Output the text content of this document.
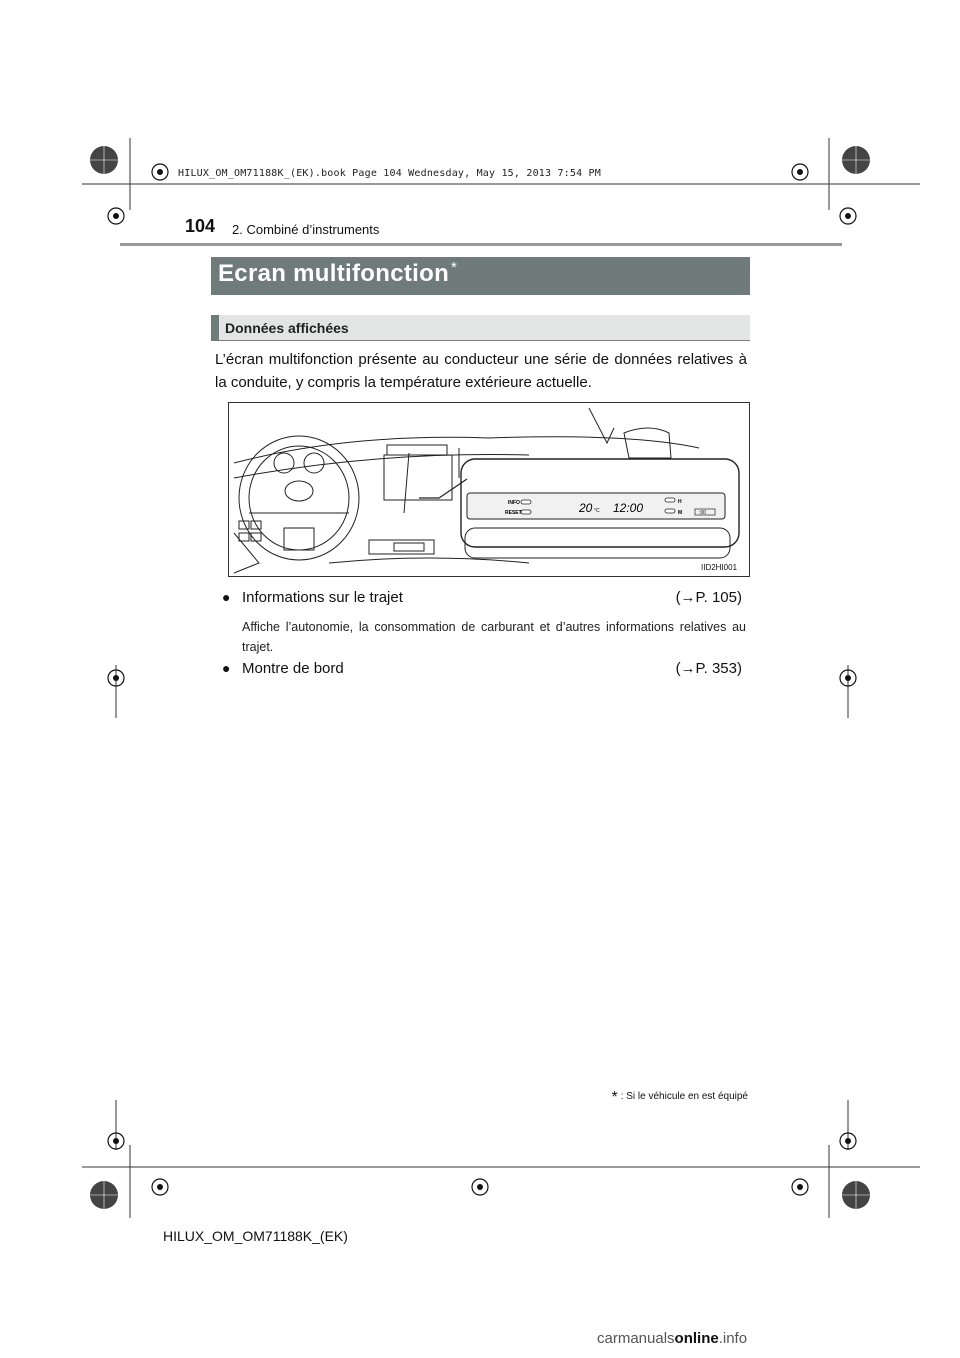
HILUX_OM_OM71188K_(EK).book Page 104 Wednesday, May 15, 2013 7:54 PM
104 2. Combiné d’instruments
Ecran multifonction *
Données affichées
L’écran multifonction présente au conducteur une série de données relatives à la conduite, y compris la température extérieure actuelle.
INFO
RESET	20 °C 12:00	H
M	:00
IID2HI001
● Informations sur le trajet	(→P. 105)
Affiche l’autonomie, la consommation de carburant et d’autres informations relatives au trajet.
● Montre de bord	(→P. 353)
* : Si le véhicule en est équipé
HILUX_OM_OM71188K_(EK)
carmanualsonline.info
